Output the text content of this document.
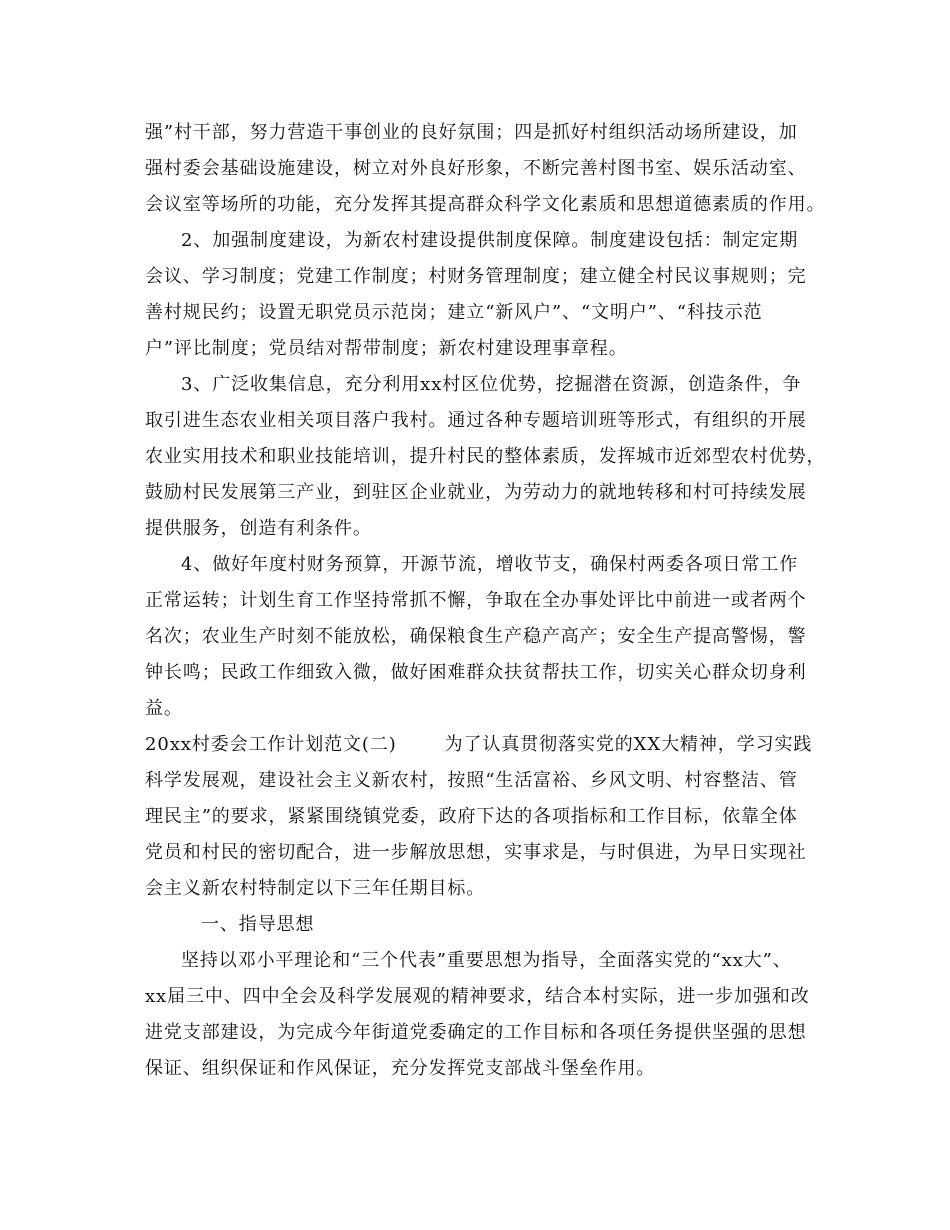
强”村干部，努力营造干事创业的良好氛围；四是抓好村组织活动场所建设，加
强村委会基础设施建设，树立对外良好形象，不断完善村图书室、娱乐活动室、
会议室等场所的功能，充分发挥其提高群众科学文化素质和思想道德素质的作用。
2、加强制度建设，为新农村建设提供制度保障。制度建设包括：制定定期
会议、学习制度；党建工作制度；村财务管理制度；建立健全村民议事规则；完
善村规民约；设置无职党员示范岗；建立“新风户”、“文明户”、“科技示范
户”评比制度；党员结对帮带制度；新农村建设理事章程。
3、广泛收集信息，充分利用xx村区位优势，挖掘潜在资源，创造条件，争
取引进生态农业相关项目落户我村。通过各种专题培训班等形式，有组织的开展
农业实用技术和职业技能培训，提升村民的整体素质，发挥城市近郊型农村优势，
鼓励村民发展第三产业，到驻区企业就业，为劳动力的就地转移和村可持续发展
提供服务，创造有利条件。
4、做好年度村财务预算，开源节流，增收节支，确保村两委各项日常工作
正常运转；计划生育工作坚持常抓不懈，争取在全办事处评比中前进一或者两个
名次；农业生产时刻不能放松，确保粮食生产稳产高产；安全生产提高警惕，警
钟长鸣；民政工作细致入微，做好困难群众扶贫帮扶工作，切实关心群众切身利
益。
20xx村委会工作计划范文(二)	为了认真贯彻落实党的XX大精神，学习实践
科学发展观，建设社会主义新农村，按照“生活富裕、乡风文明、村容整洁、管
理民主”的要求，紧紧围绕镇党委，政府下达的各项指标和工作目标，依靠全体
党员和村民的密切配合，进一步解放思想，实事求是，与时俱进，为早日实现社
会主义新农村特制定以下三年任期目标。
一、指导思想
坚持以邓小平理论和“三个代表”重要思想为指导，全面落实党的“xx大”、
xx届三中、四中全会及科学发展观的精神要求，结合本村实际，进一步加强和改
进党支部建设，为完成今年街道党委确定的工作目标和各项任务提供坚强的思想
保证、组织保证和作风保证，充分发挥党支部战斗堡垒作用。
